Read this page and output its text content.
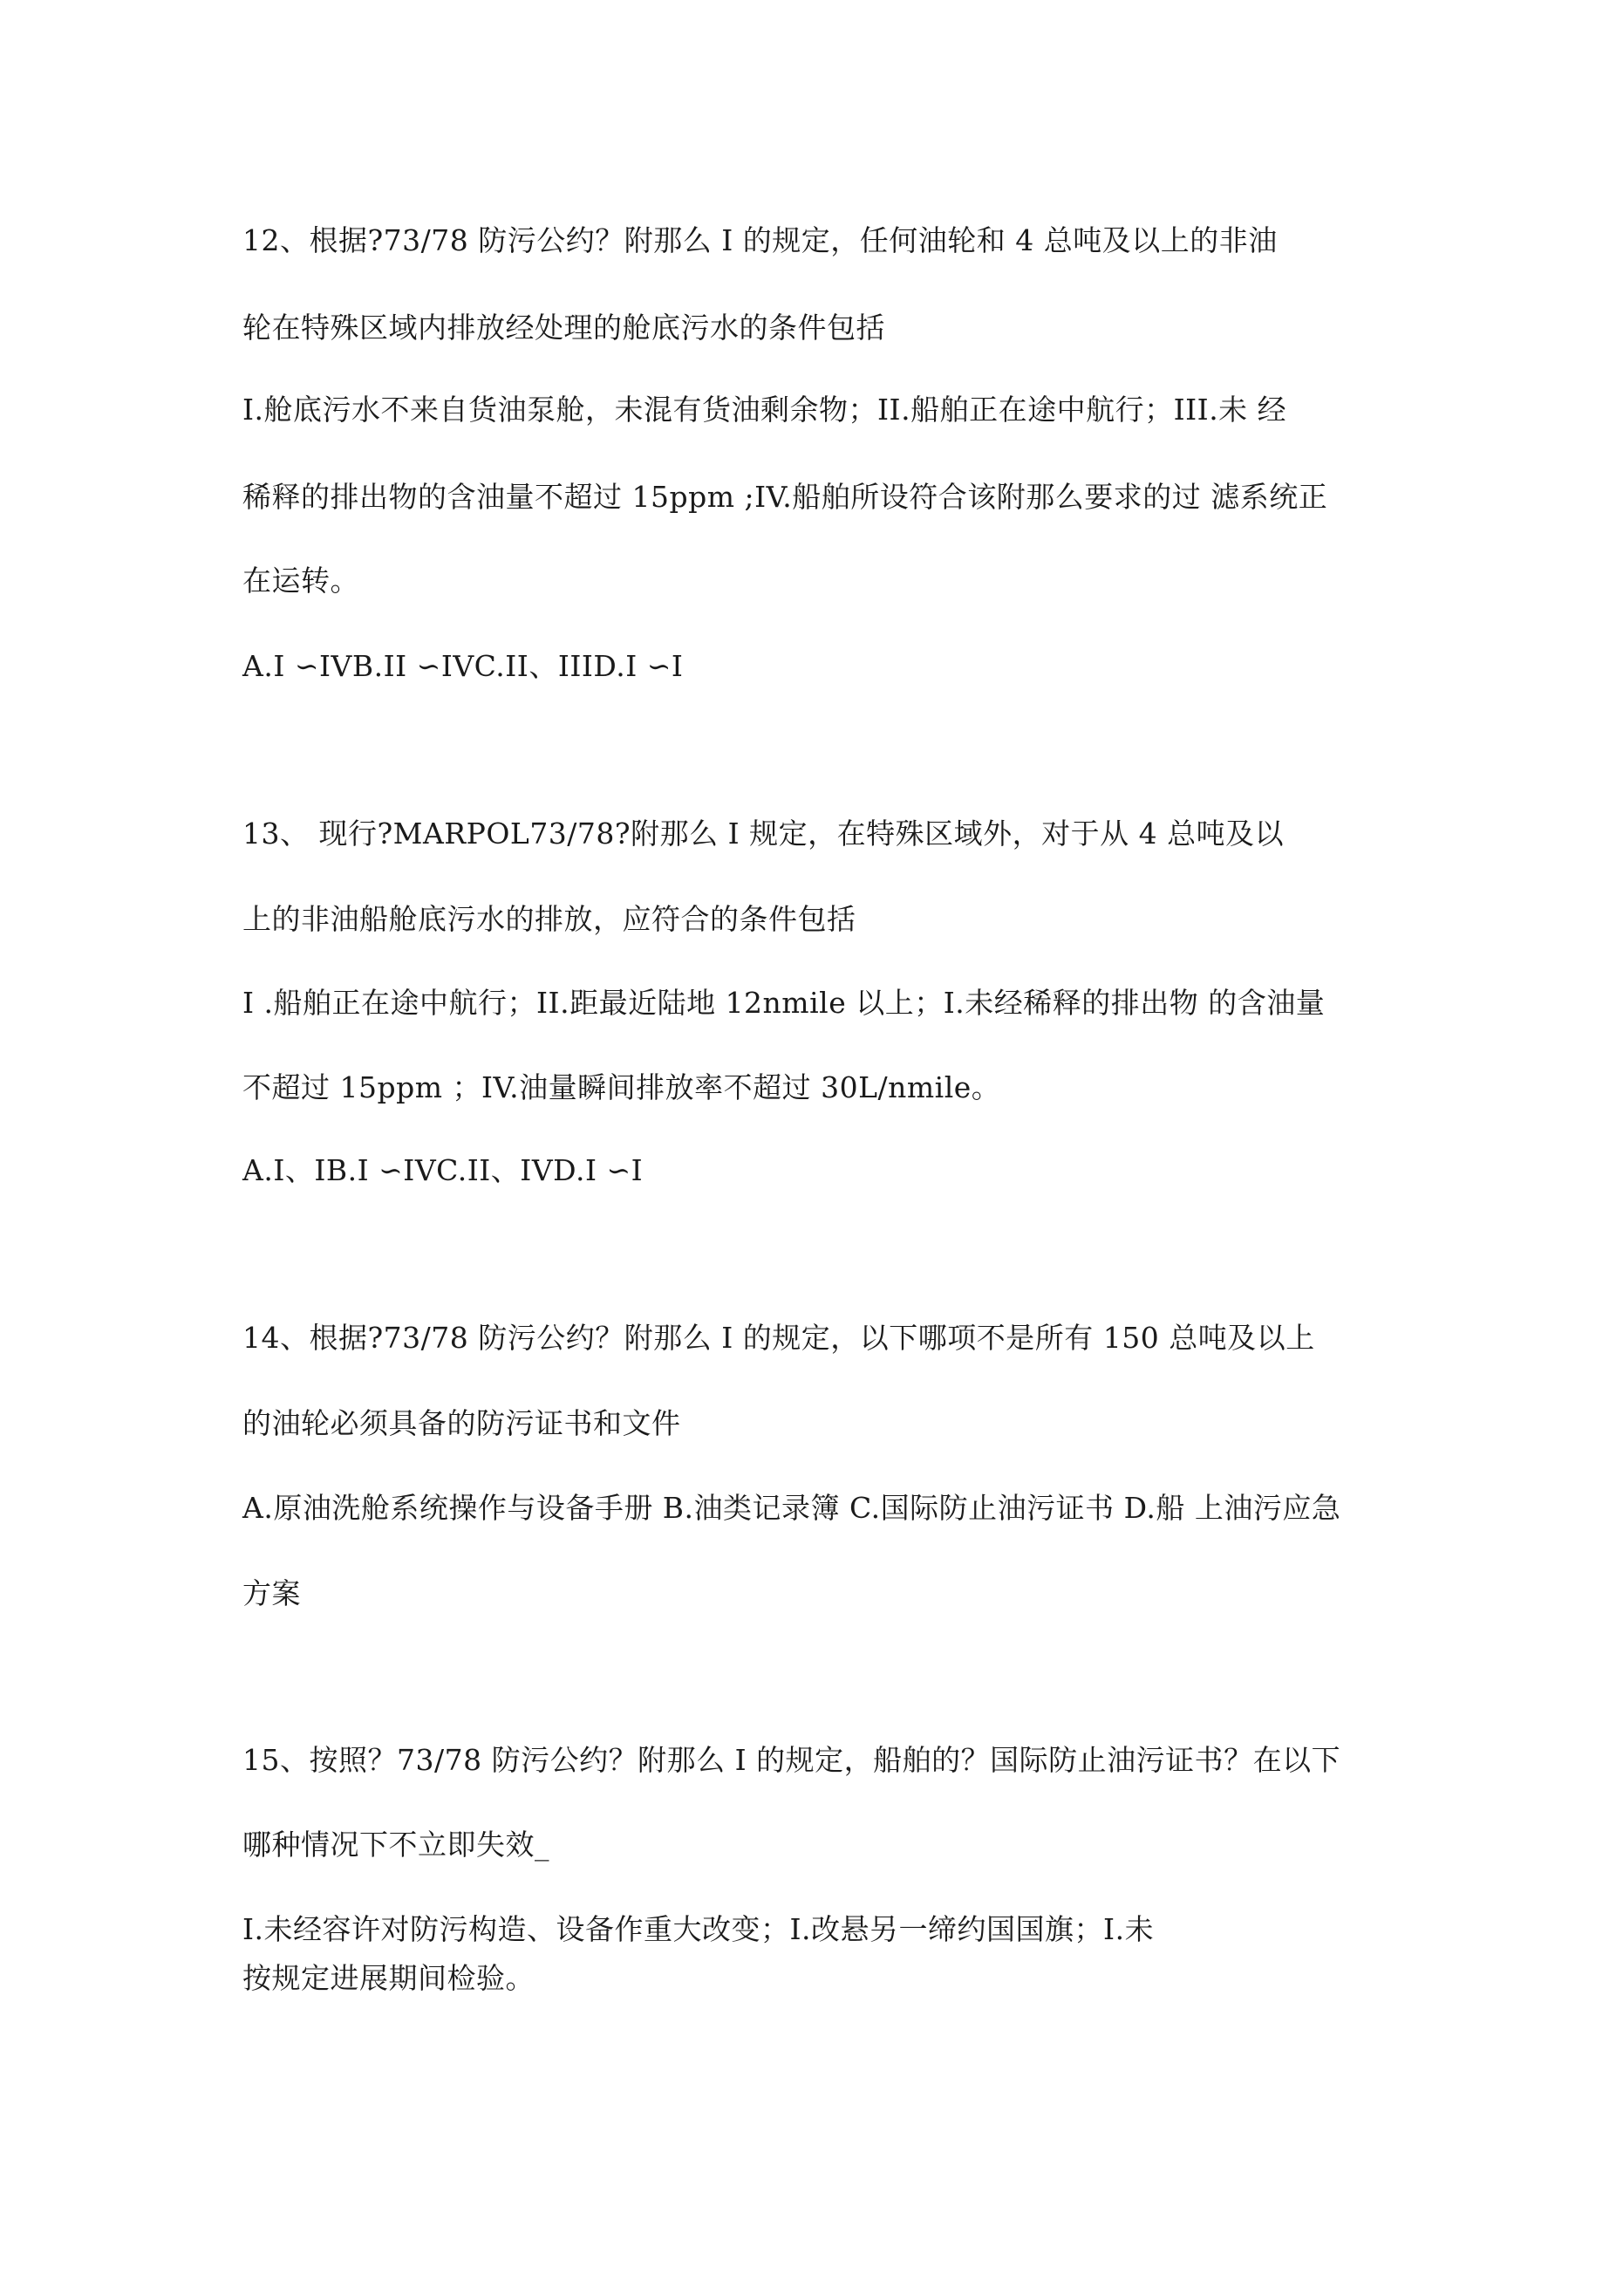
12、根据?73/78 防污公约？附那么 I 的规定，任何油轮和 4 总吨及以上的非油

轮在特殊区域内排放经处理的舱底污水的条件包括

I.舱底污水不来自货油泵舱，未混有货油剩余物；II.船舶正在途中航行；III.未 经

稀释的排出物的含油量不超过 15ppm ;IV.船舶所设符合该附那么要求的过 滤系统正

在运转。

A.I ∽IVB.II ∽IVC.II、IIID.I ∽I

13、 现行?MARPOL73/78?附那么 I 规定，在特殊区域外，对于从 4 总吨及以

上的非油船舱底污水的排放，应符合的条件包括

I .船舶正在途中航行；II.距最近陆地 12nmile 以上；I.未经稀释的排出物 的含油量

不超过 15ppm ；IV.油量瞬间排放率不超过 30L/nmile。

A.I、IB.I ∽IVC.II、IVD.I ∽I

14、根据?73/78 防污公约？附那么 I 的规定，以下哪项不是所有 150 总吨及以上

的油轮必须具备的防污证书和文件

A.原油洗舱系统操作与设备手册 B.油类记录簿 C.国际防止油污证书 D.船 上油污应急

方案

15、按照？73/78 防污公约？附那么 I 的规定，船舶的？国际防止油污证书？在以下

哪种情况下不立即失效_

I.未经容许对防污构造、设备作重大改变；I.改悬另一缔约国国旗；I.未

按规定进展期间检验。
